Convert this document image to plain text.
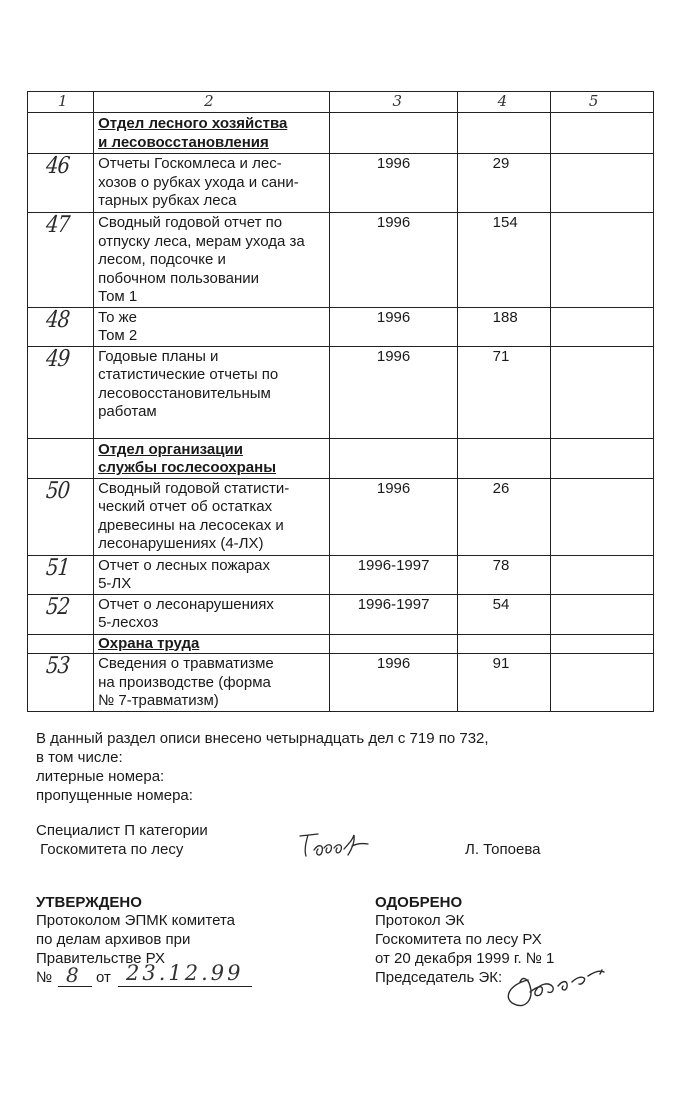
1	2	3	4	5

	Отдел лесного хозяйства
и лесовосстановления			

46	Отчеты Госкомлеса и лес-
хозов о рубках ухода и сани-
тарных рубках леса	1996	29	

47	Сводный годовой отчет по
отпуску леса, мерам ухода за
лесом, подсочке и
побочном пользовании
Том 1	1996	154	

48	То же
Том 2	1996	188	

49	Годовые планы и
статистические отчеты по
лесовосстановительным
работам	1996	71	

	Отдел организации
службы гослесоохраны			

50	Сводный годовой статисти-
ческий отчет об остатках
древесины на лесосеках и
лесонарушениях (4-ЛХ)	1996	26	

51	Отчет о лесных пожарах
5-ЛХ	1996-1997	78	

52	Отчет о лесонарушениях
5-лесхоз	1996-1997	54	

	Охрана труда			

53	Сведения о травматизме
на производстве (форма
№ 7-травматизм)	1996	91	
В данный раздел описи внесено четырнадцать дел с 719 по 732,
в том числе:
литерные номера:
пропущенные номера:
Специалист П категории
Госкомитета по лесу	Л. Топоева
УТВЕРЖДЕНО
Протоколом ЭПМК комитета
по делам архивов при
Правительстве РХ
№ 8 от 23.12.99
ОДОБРЕНО
Протокол ЭК
Госкомитета по лесу РХ
от 20 декабря 1999 г. № 1
Председатель ЭК:
